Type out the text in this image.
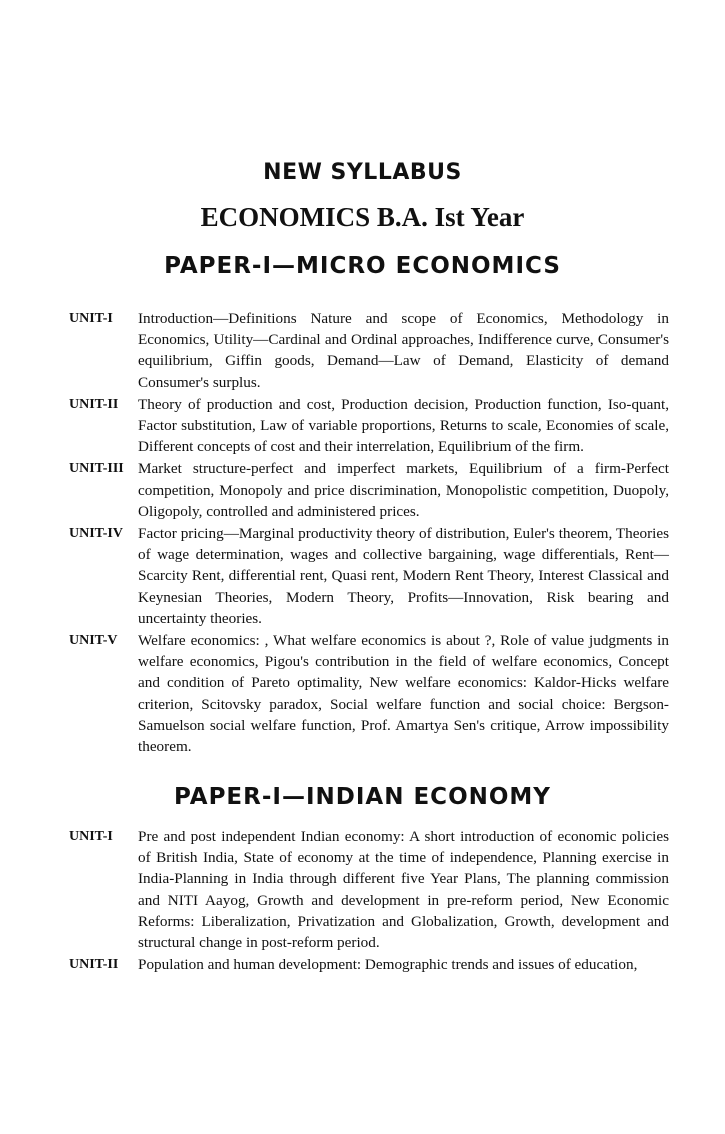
NEW SYLLABUS
ECONOMICS B.A. Ist Year
PAPER-I—MICRO ECONOMICS
UNIT-I	Introduction—Definitions Nature and scope of Economics, Methodology in Economics, Utility—Cardinal and Ordinal approaches, Indifference curve, Consumer's equilibrium, Giffin goods, Demand—Law of Demand, Elasticity of demand Consumer's surplus.

UNIT-II	Theory of production and cost, Production decision, Production function, Iso-quant, Factor substitution, Law of variable proportions, Returns to scale, Economies of scale, Different concepts of cost and their interrelation, Equilibrium of the firm.

UNIT-III Market structure-perfect and imperfect markets, Equilibrium of a firm-Perfect competition, Monopoly and price discrimination, Monopolistic competition, Duopoly, Oligopoly, controlled and administered prices.

UNIT-IV Factor pricing—Marginal productivity theory of distribution, Euler's theorem, Theories of wage determination, wages and collective bargaining, wage differentials, Rent—Scarcity Rent, differential rent, Quasi rent, Modern Rent Theory, Interest Classical and Keynesian Theories, Modern Theory, Profits—Innovation, Risk bearing and uncertainty theories.

UNIT-V	Welfare economics: , What welfare economics is about ?, Role of value judgments in welfare economics, Pigou's contribution in the field of welfare economics, Concept and condition of Pareto optimality, New welfare economics: Kaldor-Hicks welfare criterion, Scitovsky paradox, Social welfare function and social choice: Bergson-Samuelson social welfare function, Prof. Amartya Sen's critique, Arrow impossibility theorem.

PAPER-I—INDIAN ECONOMY
UNIT-I	Pre and post independent Indian economy: A short introduction of economic policies of British India, State of economy at the time of independence, Planning exercise in India-Planning in India through different five Year Plans, The planning commission and NITI Aayog, Growth and development in pre-reform period, New Economic Reforms: Liberalization, Privatization and Globalization, Growth, development and structural change in post-reform period.

UNIT-II	Population and human development: Demographic trends and issues of education,
